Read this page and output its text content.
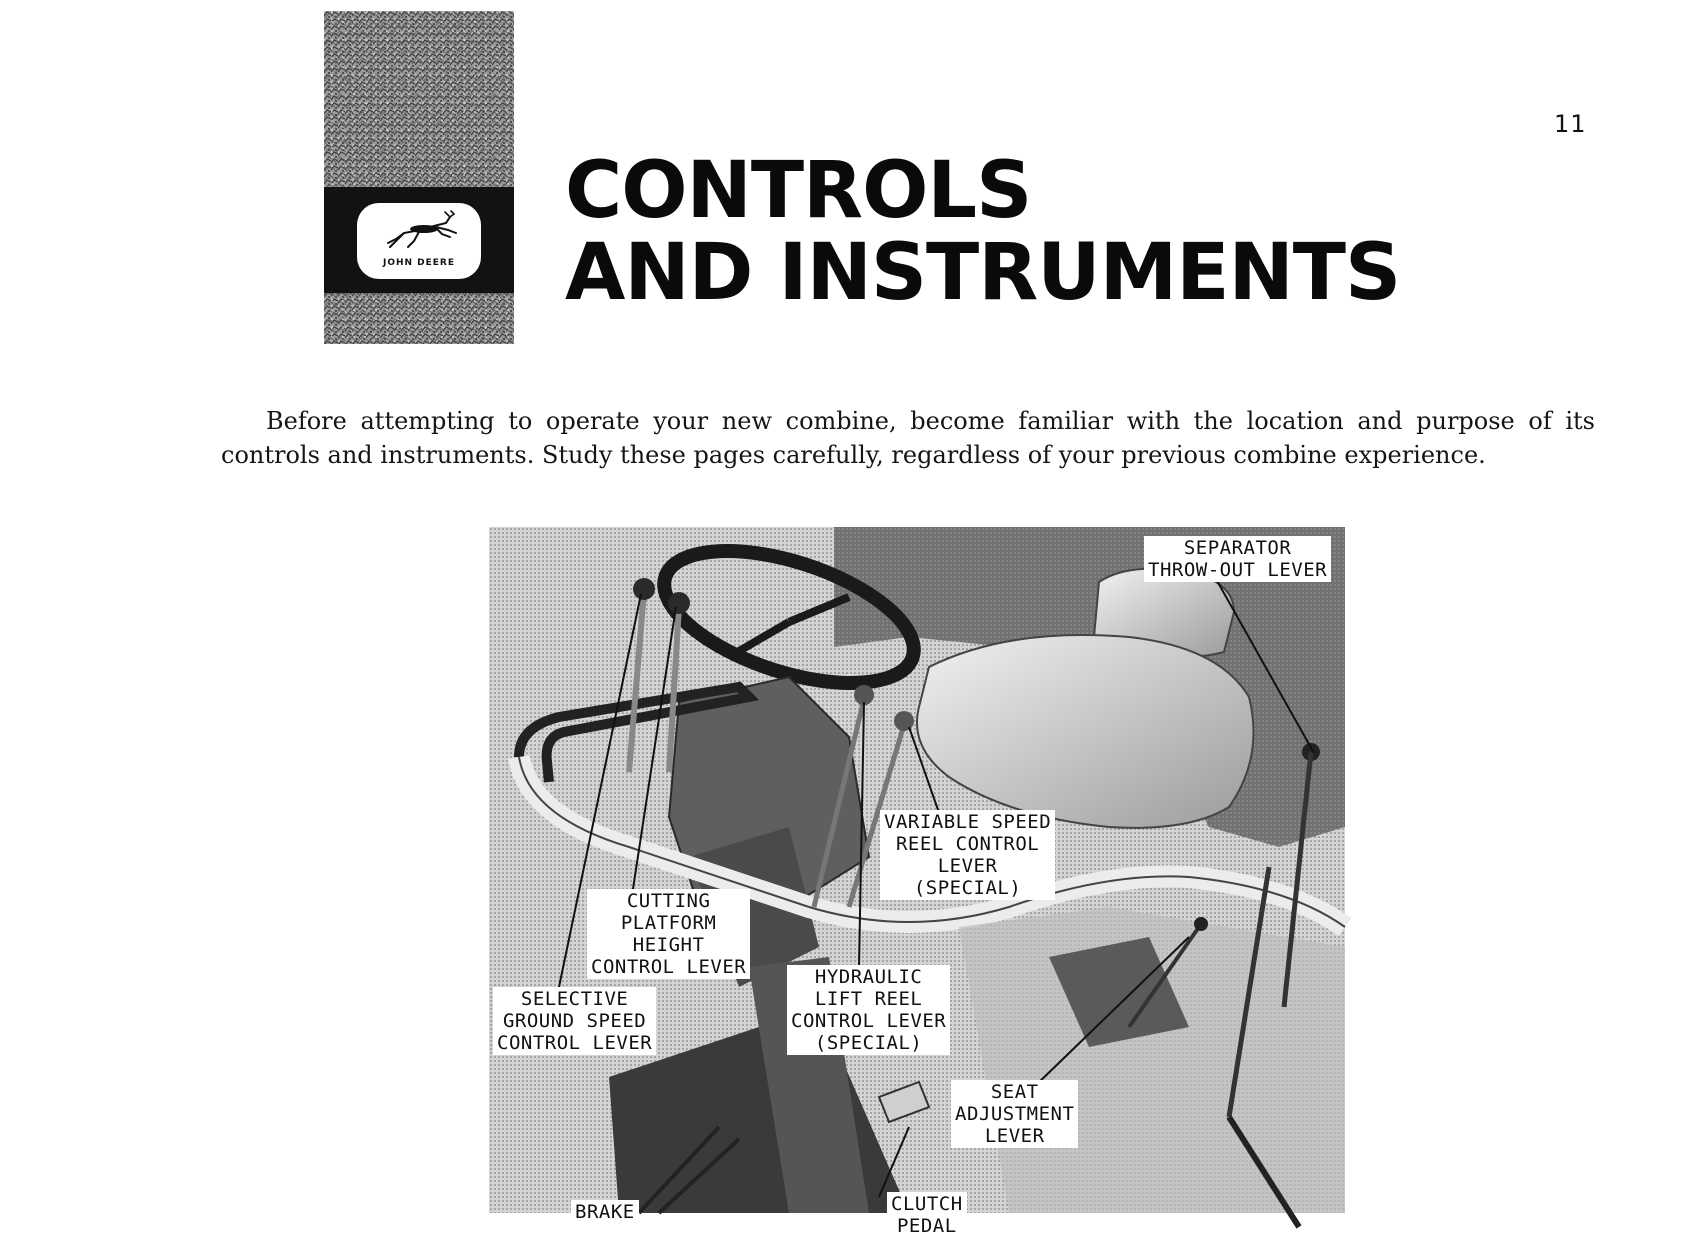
JOHN DEERE
11
CONTROLS
AND INSTRUMENTS

Before attempting to operate your new combine, become familiar with the location and purpose of its controls and instruments. Study these pages carefully, regardless of your previous combine experience.

SEPARATOR
THROW-OUT LEVER
VARIABLE SPEED
REEL CONTROL
LEVER
(SPECIAL)
CUTTING
PLATFORM
HEIGHT
CONTROL LEVER	HYDRAULIC
LIFT REEL
CONTROL LEVER
(SPECIAL)
SELECTIVE
GROUND SPEED
CONTROL LEVER
SEAT
ADJUSTMENT
LEVER
BRAKE	CLUTCH
PEDAL
